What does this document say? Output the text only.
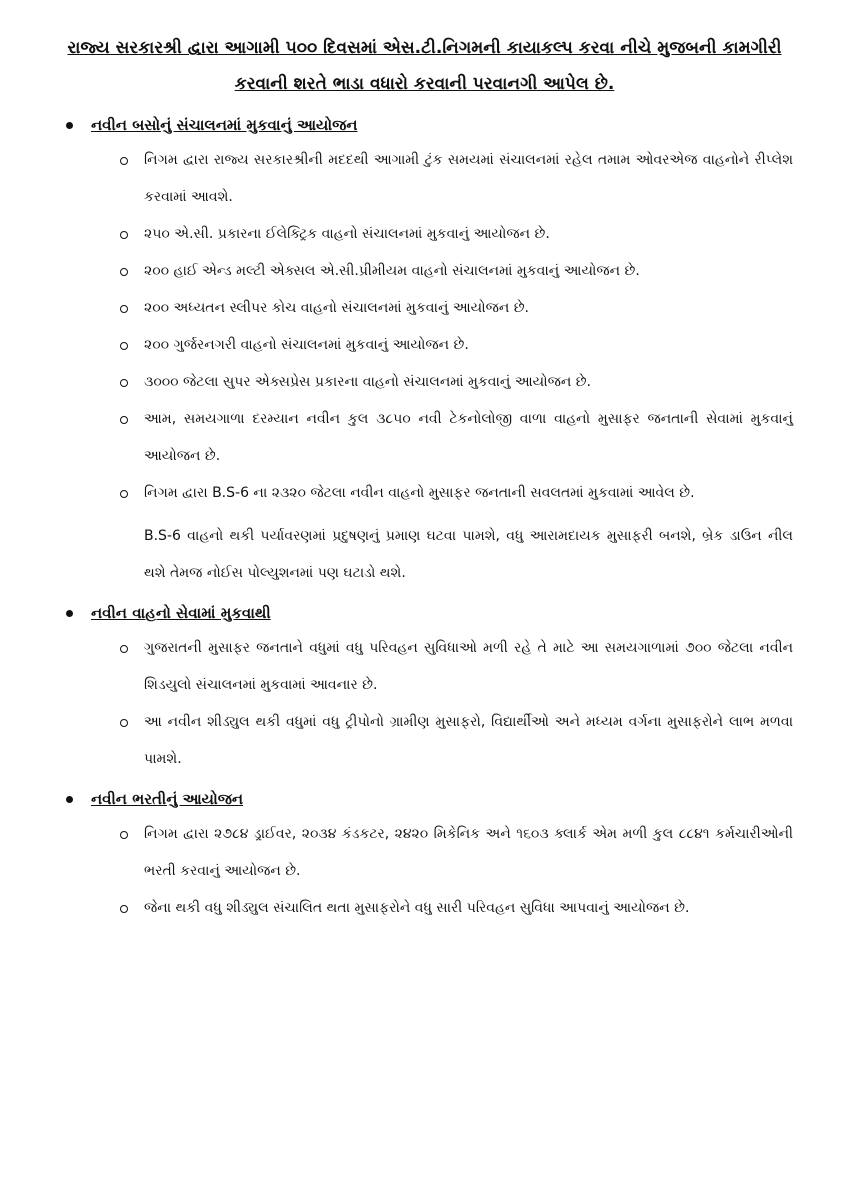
રાજ્ય સરકારશ્રી દ્વારા આગામી ૫૦૦ દિવસમાં એસ.ટી.નિગમની કાયાકલ્પ કરવા નીચે મુજબની કામગીરી કરવાની શરતે ભાડા વધારો કરવાની પરવાનગી આપેલ છે.
નવીન બસોનું સંચાલનમાં મુકવાનું આયોજન
નિગમ દ્વારા રાજ્ય સરકારશ્રીની મદદથી આગામી ટુંક સમયમાં સંચાલનમાં રહેલ તમામ ઓવરએજ વાહનોને રીપ્લેશ કરવામાં આવશે.
૨૫૦ એ.સી. પ્રકારના ઈલેક્ટ્રિક વાહનો સંચાલનમાં મુકવાનું આયોજન છે.
૨૦૦ હાઈ એન્ડ મલ્ટી એક્સલ એ.સી.પ્રીમીયમ વાહનો સંચાલનમાં મુકવાનું આયોજન છે.
૨૦૦ અધ્યતન સ્લીપર કોચ વાહનો સંચાલનમાં મુકવાનું આયોજન છે.
૨૦૦ ગુર્જરનગરી વાહનો સંચાલનમાં મુકવાનું આયોજન છે.
૩૦૦૦ જેટલા સુપર એક્સપ્રેસ પ્રકારના વાહનો સંચાલનમાં મુકવાનું આયોજન છે.
આમ, સમયગાળા દરમ્યાન નવીન કુલ ૩૮૫૦ નવી ટેકનોલોજી વાળા વાહનો મુસાફર જનતાની સેવામાં મુકવાનું આયોજન છે.
નિગમ દ્વારા B.S-6 ના ૨૩૨૦ જેટલા નવીન વાહનો મુસાફર જનતાની સવલતમાં મુકવામાં આવેલ છે.
B.S-6 વાહનો થકી પર્યાવરણમાં પ્રદુષણનું પ્રમાણ ઘટવા પામશે, વધુ આરામદાયક મુસાફરી બનશે, બ્રેક ડાઉન નીલ થશે તેમજ નોઈસ પોલ્યુશનમાં પણ ઘટાડો થશે.
નવીન વાહનો સેવામાં મુકવાથી
ગુજરાતની મુસાફર જનતાને વધુમાં વધુ પરિવહન સુવિધાઓ મળી રહે તે માટે આ સમયગાળામાં ૭૦૦ જેટલા નવીન શિડયુલો સંચાલનમાં મુકવામાં આવનાર છે.
આ નવીન શીડ્યુલ થકી વધુમાં વધુ ટ્રીપોનો ગ્રામીણ મુસાફરો, વિદ્યાર્થીઓ અને મધ્યમ વર્ગના મુસાફરોને લાભ મળવા પામશે.
નવીન ભરતીનું આયોજન
નિગમ દ્વારા ૨૭૮૪ ડ્રાઈવર, ૨૦૩૪ કંડકટર, ૨૪૨૦ મિકેનિક અને ૧૬૦૩ ક્લાર્ક એમ મળી કુલ ૮૮૪૧ કર્મચારીઓની ભરતી કરવાનું આયોજન છે.
જેના થકી વધુ શીડ્યુલ સંચાલિત થતા મુસાફરોને વધુ સારી પરિવહન સુવિધા આપવાનું આયોજન છે.
